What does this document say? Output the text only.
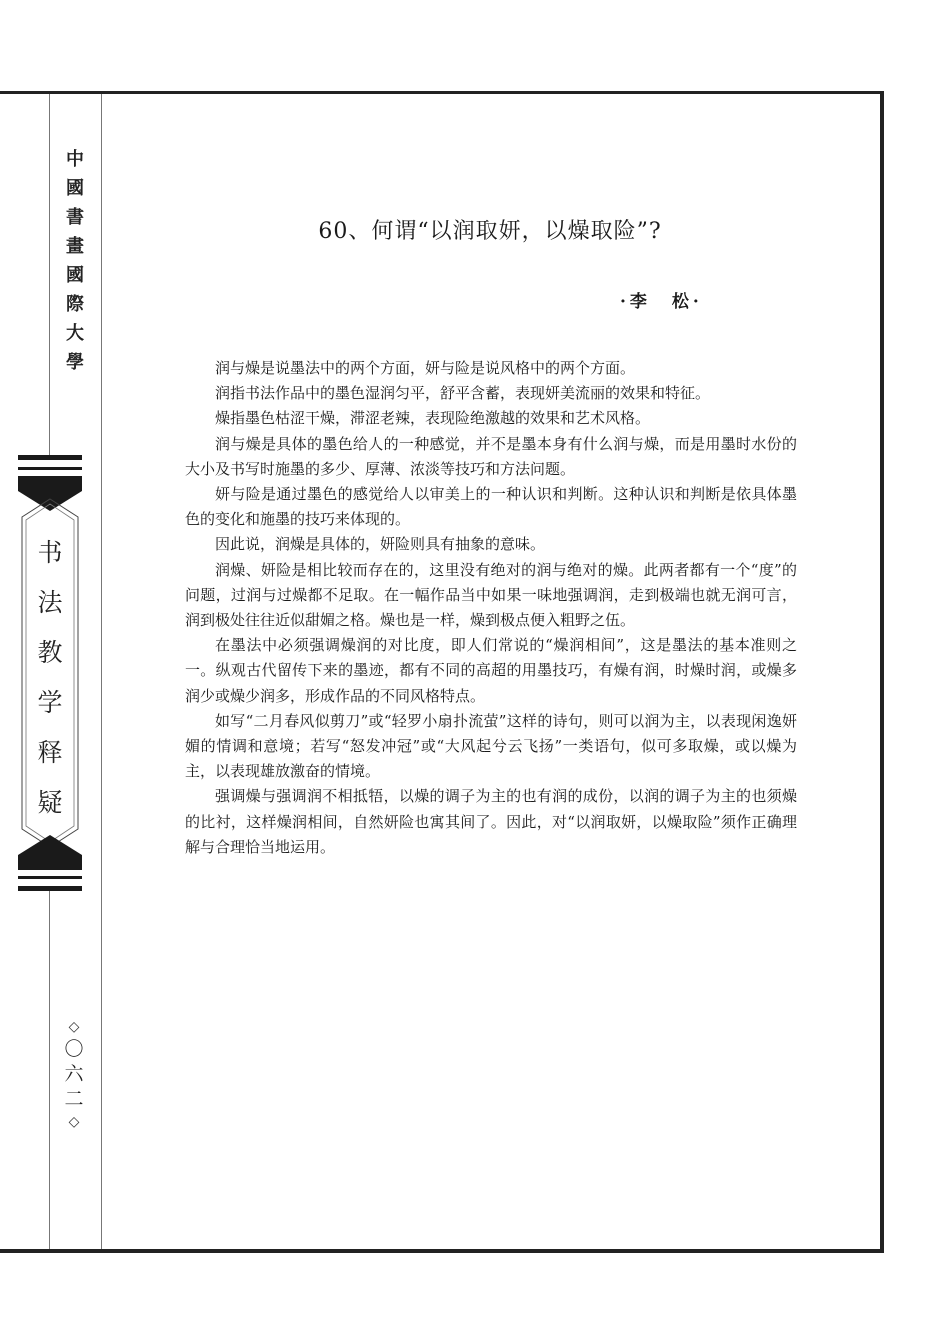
中
國
書
畫
國
際
大
學
书
法
教
学
释
疑
◇
〇
六
二
◇
60、何谓“以润取妍，以燥取险”?
·李　松·

润与燥是说墨法中的两个方面，妍与险是说风格中的两个方面。

润指书法作品中的墨色湿润匀平，舒平含蓄，表现妍美流丽的效果和特征。

燥指墨色枯涩干燥，滞涩老辣，表现险绝激越的效果和艺术风格。

润与燥是具体的墨色给人的一种感觉，并不是墨本身有什么润与燥，而是用墨时水份的大小及书写时施墨的多少、厚薄、浓淡等技巧和方法问题。

妍与险是通过墨色的感觉给人以审美上的一种认识和判断。这种认识和判断是依具体墨色的变化和施墨的技巧来体现的。

因此说，润燥是具体的，妍险则具有抽象的意味。

润燥、妍险是相比较而存在的，这里没有绝对的润与绝对的燥。此两者都有一个“度”的问题，过润与过燥都不足取。在一幅作品当中如果一味地强调润，走到极端也就无润可言，润到极处往往近似甜媚之格。燥也是一样，燥到极点便入粗野之伍。

在墨法中必须强调燥润的对比度，即人们常说的“燥润相间”，这是墨法的基本准则之一。纵观古代留传下来的墨迹，都有不同的高超的用墨技巧，有燥有润，时燥时润，或燥多润少或燥少润多，形成作品的不同风格特点。

如写“二月春风似剪刀”或“轻罗小扇扑流萤”这样的诗句，则可以润为主，以表现闲逸妍媚的情调和意境；若写“怒发冲冠”或“大风起兮云飞扬”一类语句，似可多取燥，或以燥为主，以表现雄放激奋的情境。

强调燥与强调润不相抵牾，以燥的调子为主的也有润的成份，以润的调子为主的也须燥的比衬，这样燥润相间，自然妍险也寓其间了。因此，对“以润取妍，以燥取险”须作正确理解与合理恰当地运用。
